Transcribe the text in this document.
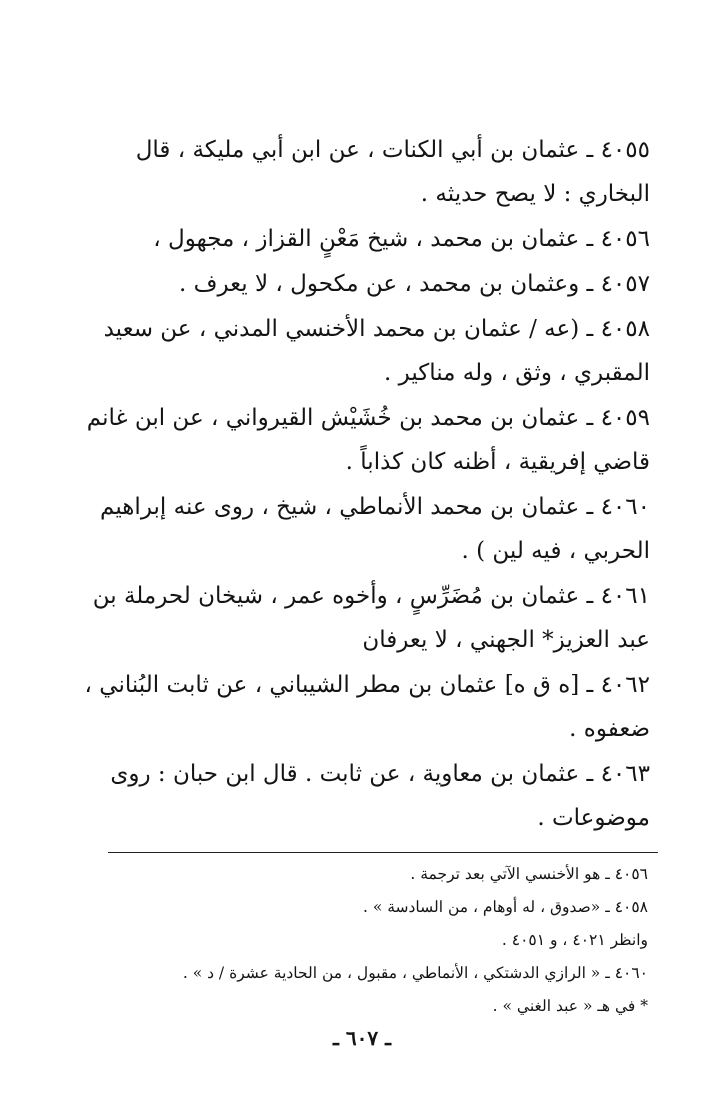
٤٠٥٥ ـ عثمان بن أبي الكنات ، عن ابن أبي مليكة ، قال
البخاري : لا يصح حديثه .
٤٠٥٦ ـ عثمان بن محمد ، شيخ مَعْنٍ القزاز ، مجهول ،
٤٠٥٧ ـ وعثمان بن محمد ، عن مكحول ، لا يعرف .
٤٠٥٨ ـ (عه / عثمان بن محمد الأخنسي المدني ، عن سعيد
المقبري ، وثق ، وله مناكير .
٤٠٥٩ ـ عثمان بن محمد بن خُشَيْش القيرواني ، عن ابن غانم
قاضي إفريقية ، أظنه كان كذاباً .
٤٠٦٠ ـ عثمان بن محمد الأنماطي ، شيخ ، روى عنه إبراهيم
الحربي ، فيه لين ) .
٤٠٦١ ـ عثمان بن مُضَرِّسٍ ، وأخوه عمر ، شيخان لحرملة بن
عبد العزيز* الجهني ، لا يعرفان
٤٠٦٢ ـ [ه ق ه] عثمان بن مطر الشيباني ، عن ثابت البُناني ،
ضعفوه .
٤٠٦٣ ـ عثمان بن معاوية ، عن ثابت . قال ابن حبان : روى
موضوعات .
٤٠٥٦ ـ هو الأخنسي الآتي بعد ترجمة .
٤٠٥٨ ـ «صدوق ، له أوهام ، من السادسة » .
وانظر ٤٠٢١ ، و ٤٠٥١ .
٤٠٦٠ ـ « الرازي الدشتكي ، الأنماطي ، مقبول ، من الحادية عشرة / د » .
* في هـ « عبد الغني » .
ـ ٦٠٧ ـ
